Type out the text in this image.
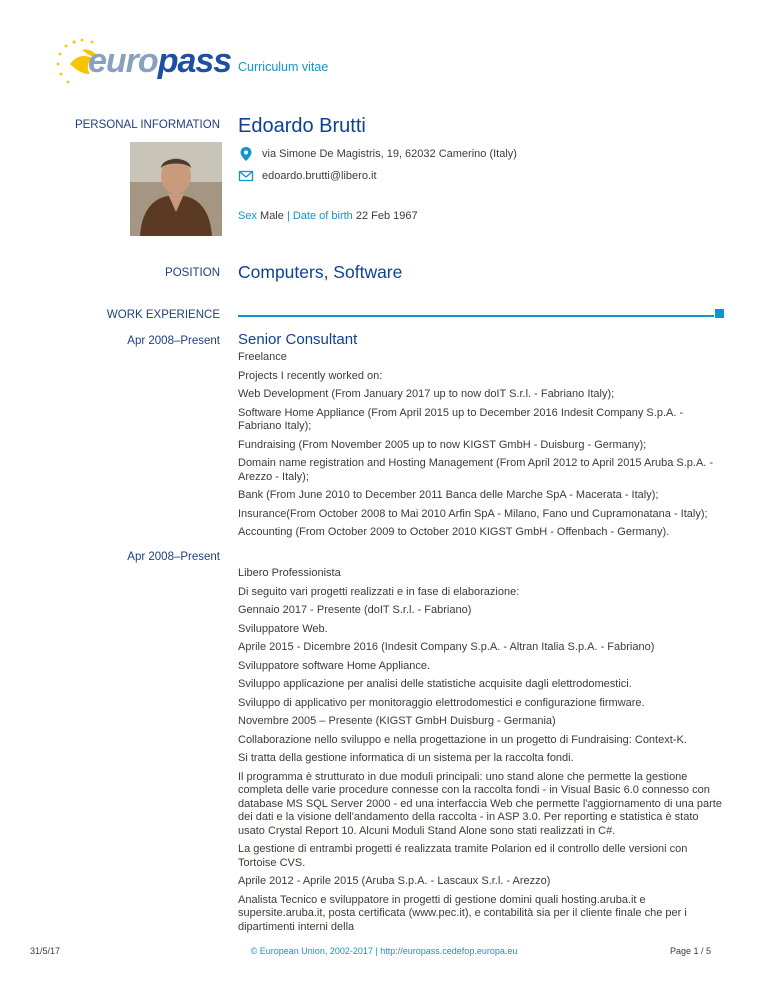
europass Curriculum vitae
PERSONAL INFORMATION Edoardo Brutti
via Simone De Magistris, 19, 62032 Camerino (Italy)
edoardo.brutti@libero.it
Sex Male | Date of birth 22 Feb 1967
POSITION Computers, Software
WORK EXPERIENCE
Apr 2008–Present Senior Consultant

Freelance

Projects I recently worked on:

Web Development (From January 2017 up to now doIT S.r.l. - Fabriano Italy);

Software Home Appliance (From April 2015 up to December 2016 Indesit Company S.p.A. - Fabriano Italy);

Fundraising (From November 2005 up to now KIGST GmbH - Duisburg - Germany);

Domain name registration and Hosting Management (From April 2012 to April 2015 Aruba S.p.A. - Arezzo - Italy);

Bank (From June 2010 to December 2011 Banca delle Marche SpA - Macerata - Italy);

Insurance(From October 2008 to Mai 2010 Arfin SpA - Milano, Fano und Cupramonatana - Italy);

Accounting (From October 2009 to October 2010 KIGST GmbH - Offenbach - Germany).

Apr 2008–Present

Libero Professionista

Di seguito vari progetti realizzati e in fase di elaborazione:

Gennaio 2017 - Presente (doIT S.r.l. - Fabriano)

Sviluppatore Web.

Aprile 2015 - Dicembre 2016 (Indesit Company S.p.A. - Altran Italia S.p.A. - Fabriano)

Sviluppatore software Home Appliance.

Sviluppo applicazione per analisi delle statistiche acquisite dagli elettrodomestici.

Sviluppo di applicativo per monitoraggio elettrodomestici e configurazione firmware.

Novembre 2005 – Presente (KIGST GmbH Duisburg - Germania)

Collaborazione nello sviluppo e nella progettazione in un progetto di Fundraising: Context-K.

Si tratta della gestione informatica di un sistema per la raccolta fondi.

Il programma è strutturato in due moduli principali: uno stand alone che permette la gestione completa delle varie procedure connesse con la raccolta fondi - in Visual Basic 6.0 connesso con database MS SQL Server 2000 - ed una interfaccia Web che permette l'aggiornamento di una parte dei dati e la visione dell'andamento della raccolta - in ASP 3.0. Per reporting e statistica è stato usato Crystal Report 10. Alcuni Moduli Stand Alone sono stati realizzati in C#.

La gestione di entrambi progetti é realizzata tramite Polarion ed il controllo delle versioni con Tortoise CVS.

Aprile 2012 - Aprile 2015 (Aruba S.p.A. - Lascaux S.r.l. - Arezzo)

Analista Tecnico e sviluppatore in progetti di gestione domini quali hosting.aruba.it e supersite.aruba.it, posta certificata (www.pec.it), e contabilità sia per il cliente finale che per i dipartimenti interni della

31/5/17	© European Union, 2002-2017 | http://europass.cedefop.europa.eu	Page 1 / 5
